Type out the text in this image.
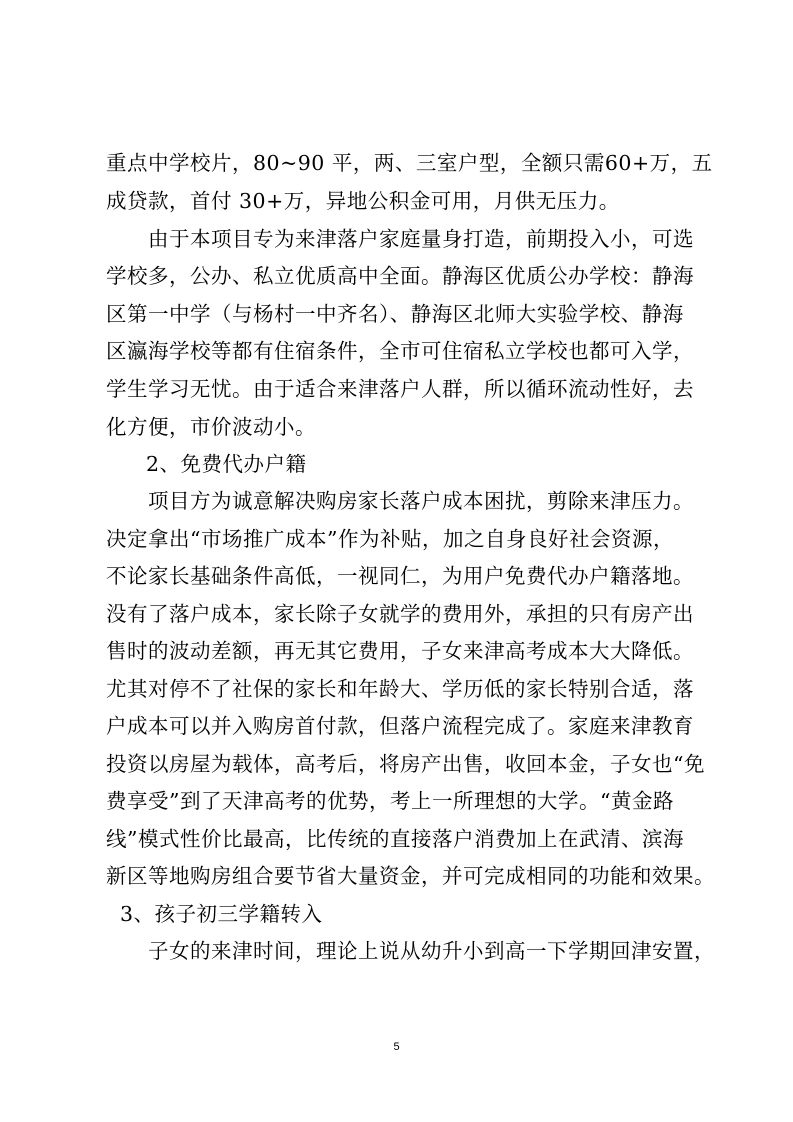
重点中学校片，80~90 平，两、三室户型，全额只需60+万，五
成贷款，首付 30+万，异地公积金可用，月供无压力。
由于本项目专为来津落户家庭量身打造，前期投入小，可选
学校多，公办、私立优质高中全面。静海区优质公办学校：静海
区第一中学（与杨村一中齐名）、静海区北师大实验学校、静海
区瀛海学校等都有住宿条件，全市可住宿私立学校也都可入学，
学生学习无忧。由于适合来津落户人群，所以循环流动性好，去
化方便，市价波动小。
2、免费代办户籍
项目方为诚意解决购房家长落户成本困扰，剪除来津压力。
决定拿出“市场推广成本”作为补贴，加之自身良好社会资源，
不论家长基础条件高低，一视同仁，为用户免费代办户籍落地。
没有了落户成本，家长除子女就学的费用外，承担的只有房产出
售时的波动差额，再无其它费用，子女来津高考成本大大降低。
尤其对停不了社保的家长和年龄大、学历低的家长特别合适，落
户成本可以并入购房首付款，但落户流程完成了。家庭来津教育
投资以房屋为载体，高考后，将房产出售，收回本金，子女也“免
费享受”到了天津高考的优势，考上一所理想的大学。“黄金路
线”模式性价比最高，比传统的直接落户消费加上在武清、滨海
新区等地购房组合要节省大量资金，并可完成相同的功能和效果。
3、孩子初三学籍转入
子女的来津时间，理论上说从幼升小到高一下学期回津安置，
5
